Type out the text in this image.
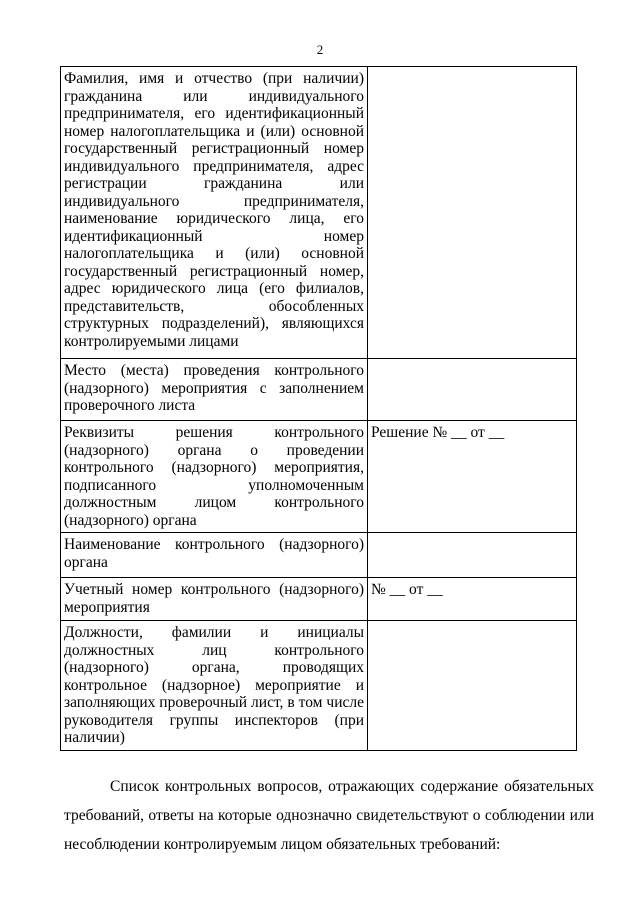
2
Фамилия, имя и отчество (при наличии) гражданина или индивидуального предпринимателя, его идентификационный номер налогоплательщика и (или) основной государственный регистрационный номер индивидуального предпринимателя, адрес регистрации гражданина или индивидуального предпринимателя, наименование юридического лица, его идентификационный номер налогоплательщика и (или) основной государственный регистрационный номер, адрес юридического лица (его филиалов, представительств, обособленных структурных подразделений), являющихся контролируемыми лицами	
Место (места) проведения контрольного (надзорного) мероприятия с заполнением проверочного листа	
Реквизиты решения контрольного (надзорного) органа о проведении контрольного (надзорного) мероприятия, подписанного уполномоченным должностным лицом контрольного (надзорного) органа	Решение № __ от __
Наименование контрольного (надзорного) органа	
Учетный номер контрольного (надзорного) мероприятия	№ __ от __
Должности, фамилии и инициалы должностных лиц контрольного (надзорного) органа, проводящих контрольное (надзорное) мероприятие и заполняющих проверочный лист, в том числе руководителя группы инспекторов (при наличии)	

Список контрольных вопросов, отражающих содержание обязательных требований, ответы на которые однозначно свидетельствуют о соблюдении или несоблюдении контролируемым лицом обязательных требований:
